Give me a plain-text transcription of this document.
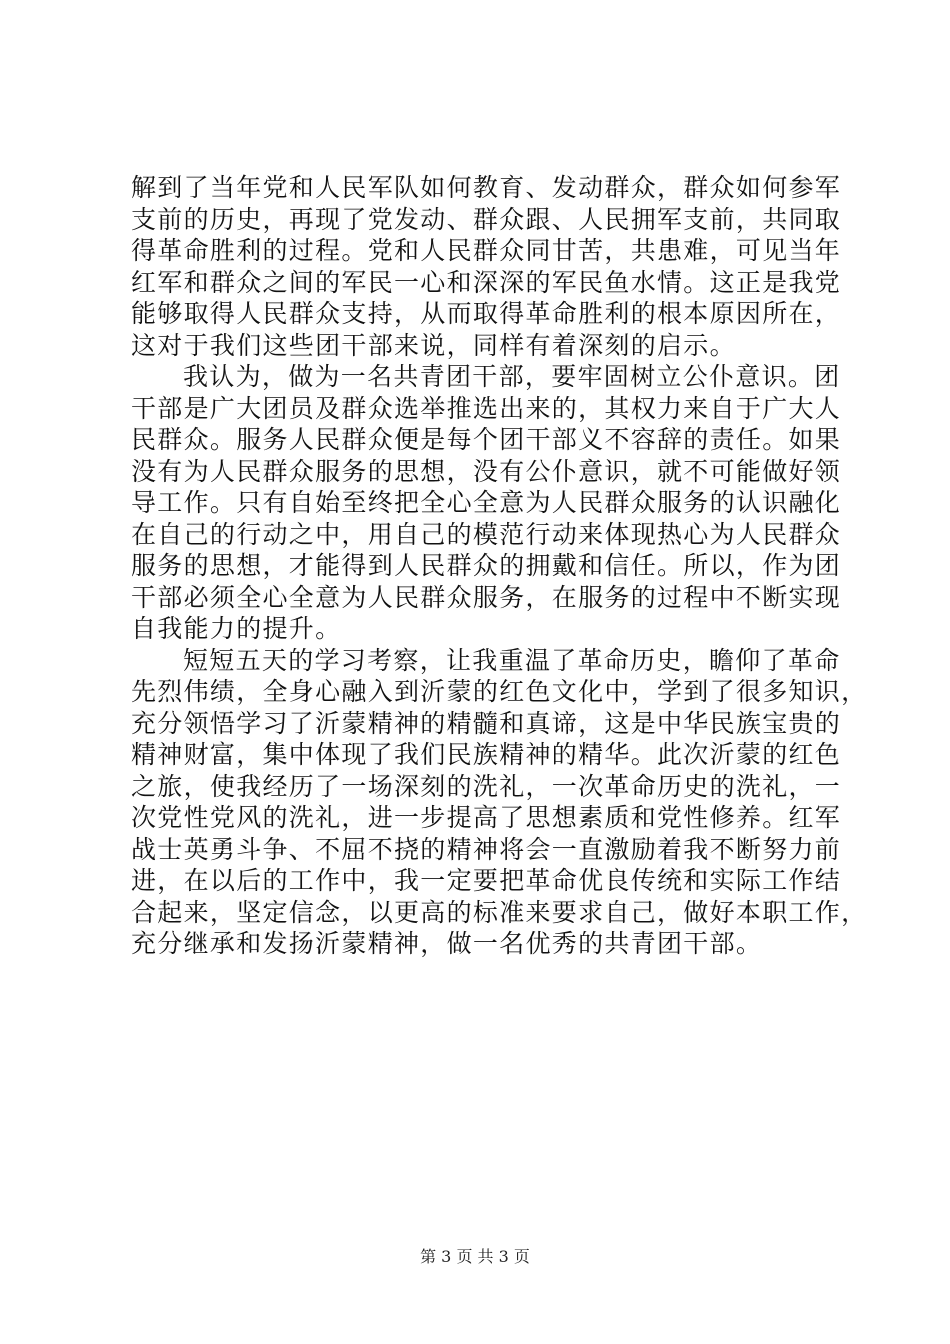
解到了当年党和人民军队如何教育、发动群众，群众如何参军
支前的历史，再现了党发动、群众跟、人民拥军支前，共同取
得革命胜利的过程。党和人民群众同甘苦，共患难，可见当年
红军和群众之间的军民一心和深深的军民鱼水情。这正是我党
能够取得人民群众支持，从而取得革命胜利的根本原因所在，
这对于我们这些团干部来说，同样有着深刻的启示。
我认为，做为一名共青团干部，要牢固树立公仆意识。团
干部是广大团员及群众选举推选出来的，其权力来自于广大人
民群众。服务人民群众便是每个团干部义不容辞的责任。如果
没有为人民群众服务的思想，没有公仆意识，就不可能做好领
导工作。只有自始至终把全心全意为人民群众服务的认识融化
在自己的行动之中，用自己的模范行动来体现热心为人民群众
服务的思想，才能得到人民群众的拥戴和信任。所以，作为团
干部必须全心全意为人民群众服务，在服务的过程中不断实现
自我能力的提升。
短短五天的学习考察，让我重温了革命历史，瞻仰了革命
先烈伟绩，全身心融入到沂蒙的红色文化中，学到了很多知识，
充分领悟学习了沂蒙精神的精髓和真谛，这是中华民族宝贵的
精神财富，集中体现了我们民族精神的精华。此次沂蒙的红色
之旅，使我经历了一场深刻的洗礼，一次革命历史的洗礼，一
次党性党风的洗礼，进一步提高了思想素质和党性修养。红军
战士英勇斗争、不屈不挠的精神将会一直激励着我不断努力前
进，在以后的工作中，我一定要把革命优良传统和实际工作结
合起来，坚定信念，以更高的标准来要求自己，做好本职工作，
充分继承和发扬沂蒙精神，做一名优秀的共青团干部。
第 3 页 共 3 页
